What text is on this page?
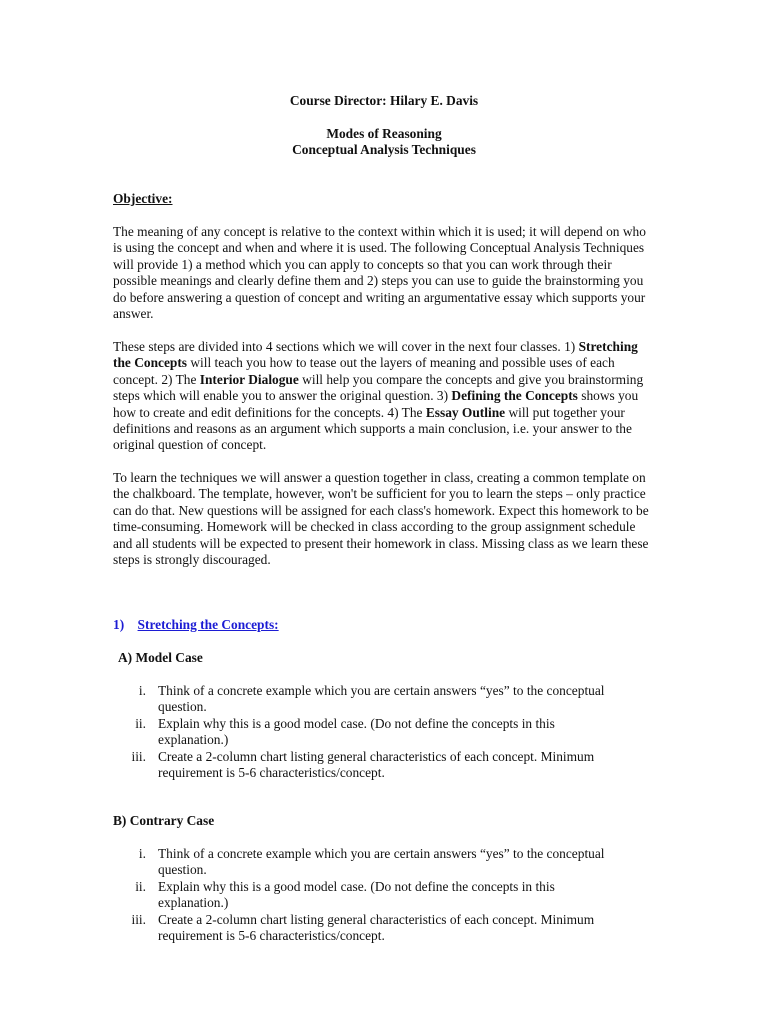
Course Director: Hilary E. Davis

Modes of Reasoning

Conceptual Analysis Techniques

Objective:

The meaning of any concept is relative to the context within which it is used; it will depend on who is using the concept and when and where it is used. The following Conceptual Analysis Techniques will provide 1) a method which you can apply to concepts so that you can work through their possible meanings and clearly define them and 2) steps you can use to guide the brainstorming you do before answering a question of concept and writing an argumentative essay which supports your answer.

These steps are divided into 4 sections which we will cover in the next four classes. 1) Stretching the Concepts will teach you how to tease out the layers of meaning and possible uses of each concept. 2) The Interior Dialogue will help you compare the concepts and give you brainstorming steps which will enable you to answer the original question. 3) Defining the Concepts shows you how to create and edit definitions for the concepts. 4) The Essay Outline will put together your definitions and reasons as an argument which supports a main conclusion, i.e. your answer to the original question of concept.

To learn the techniques we will answer a question together in class, creating a common template on the chalkboard. The template, however, won't be sufficient for you to learn the steps – only practice can do that. New questions will be assigned for each class's homework. Expect this homework to be time-consuming. Homework will be checked in class according to the group assignment schedule and all students will be expected to present their homework in class. Missing class as we learn these steps is strongly discouraged.

1) Stretching the Concepts:

A) Model Case

i. Think of a concrete example which you are certain answers “yes” to the conceptual question.
ii. Explain why this is a good model case. (Do not define the concepts in this explanation.)
iii. Create a 2-column chart listing general characteristics of each concept. Minimum requirement is 5-6 characteristics/concept.

B) Contrary Case

i. Think of a concrete example which you are certain answers “yes” to the conceptual question.
ii. Explain why this is a good model case. (Do not define the concepts in this explanation.)
iii. Create a 2-column chart listing general characteristics of each concept. Minimum requirement is 5-6 characteristics/concept.
